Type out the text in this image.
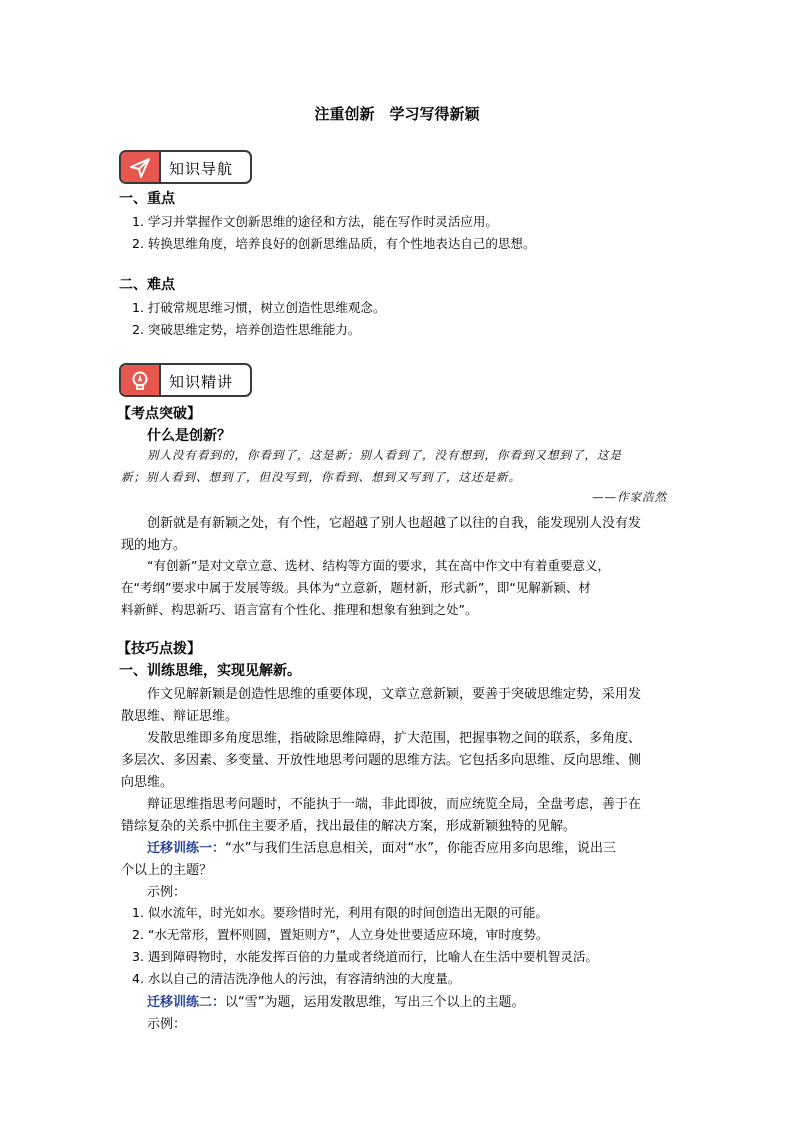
注重创新　学习写得新颖
知识导航
一、重点
1. 学习并掌握作文创新思维的途径和方法，能在写作时灵活应用。
2. 转换思维角度，培养良好的创新思维品质，有个性地表达自己的思想。
二、难点
1. 打破常规思维习惯，树立创造性思维观念。
2. 突破思维定势，培养创造性思维能力。
知识精讲
【考点突破】
什么是创新？
别人没有看到的，你看到了，这是新；别人看到了，没有想到，你看到又想到了，这是
新；别人看到、想到了，但没写到，你看到、想到又写到了，这还是新。
——作家浩然
创新就是有新颖之处，有个性，它超越了别人也超越了以往的自我，能发现别人没有发
现的地方。
“有创新”是对文章立意、选材、结构等方面的要求，其在高中作文中有着重要意义，
在“考纲”要求中属于发展等级。具体为“立意新，题材新，形式新”，即“见解新颖、材
料新鲜、构思新巧、语言富有个性化、推理和想象有独到之处”。
【技巧点拨】
一、训练思维，实现见解新。
作文见解新颖是创造性思维的重要体现，文章立意新颖，要善于突破思维定势，采用发
散思维、辩证思维。
发散思维即多角度思维，指破除思维障碍，扩大范围，把握事物之间的联系，多角度、
多层次、多因素、多变量、开放性地思考问题的思维方法。它包括多向思维、反向思维、侧
向思维。
辩证思维指思考问题时，不能执于一端，非此即彼，而应统览全局，全盘考虑，善于在
错综复杂的关系中抓住主要矛盾，找出最佳的解决方案，形成新颖独特的见解。
迁移训练一：“水”与我们生活息息相关，面对“水”，你能否应用多向思维，说出三
个以上的主题？
示例：
1. 似水流年，时光如水。要珍惜时光，利用有限的时间创造出无限的可能。
2. “水无常形，置杯则圆，置矩则方”，人立身处世要适应环境，审时度势。
3. 遇到障碍物时，水能发挥百倍的力量或者绕道而行，比喻人在生活中要机智灵活。
4. 水以自己的清洁洗净他人的污浊，有容清纳浊的大度量。
迁移训练二：以“雪”为题，运用发散思维，写出三个以上的主题。
示例：
